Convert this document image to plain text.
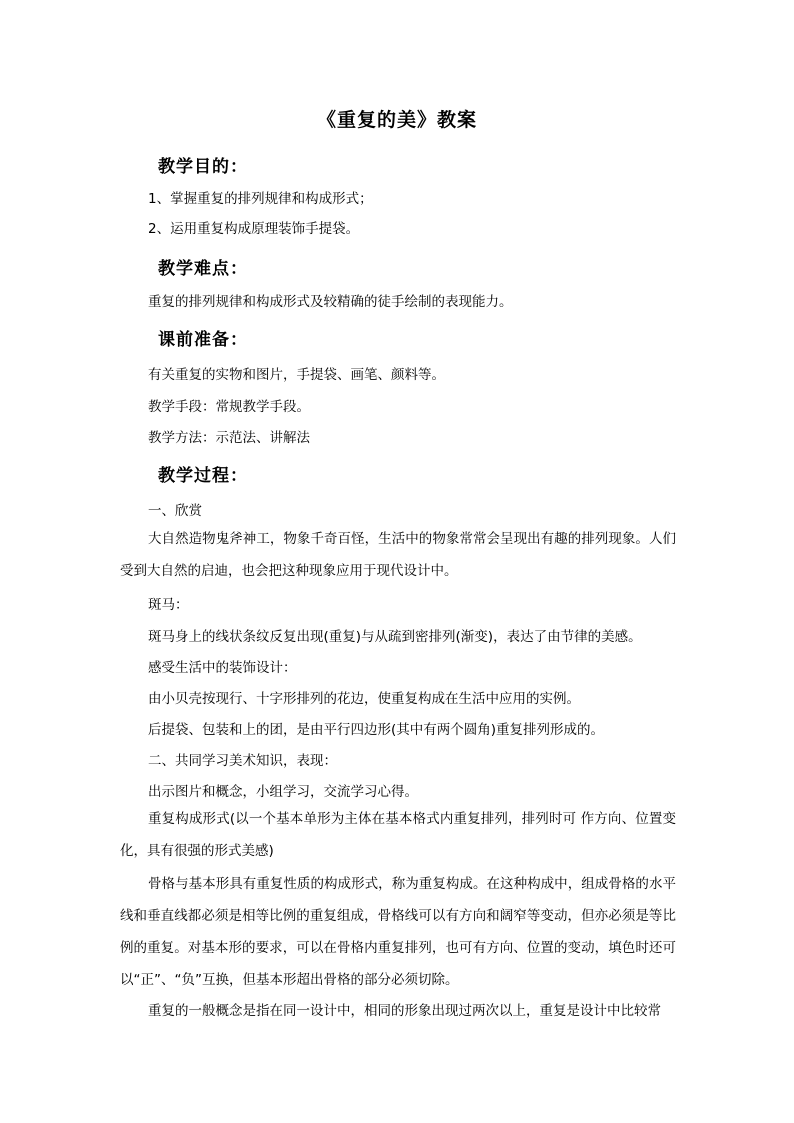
《重复的美》教案
教学目的：
1、掌握重复的排列规律和构成形式；
2、运用重复构成原理装饰手提袋。
教学难点：
重复的排列规律和构成形式及较精确的徒手绘制的表现能力。
课前准备：
有关重复的实物和图片，手提袋、画笔、颜料等。
教学手段：常规教学手段。
教学方法：示范法、讲解法
教学过程：
一、欣赏
大自然造物鬼斧神工，物象千奇百怪，生活中的物象常常会呈现出有趣的排列现象。人们受到大自然的启迪，也会把这种现象应用于现代设计中。
斑马：
斑马身上的线状条纹反复出现(重复)与从疏到密排列(渐变)，表达了由节律的美感。
感受生活中的装饰设计：
由小贝壳按现行、十字形排列的花边，使重复构成在生活中应用的实例。
后提袋、包装和上的团，是由平行四边形(其中有两个圆角)重复排列形成的。
二、共同学习美术知识，表现：
出示图片和概念，小组学习，交流学习心得。
重复构成形式(以一个基本单形为主体在基本格式内重复排列，排列时可 作方向、位置变化，具有很强的形式美感)
骨格与基本形具有重复性质的构成形式，称为重复构成。在这种构成中，组成骨格的水平线和垂直线都必须是相等比例的重复组成，骨格线可以有方向和阔窄等变动，但亦必须是等比例的重复。对基本形的要求，可以在骨格内重复排列，也可有方向、位置的变动，填色时还可以“正”、“负”互换，但基本形超出骨格的部分必须切除。
重复的一般概念是指在同一设计中，相同的形象出现过两次以上，重复是设计中比较常
